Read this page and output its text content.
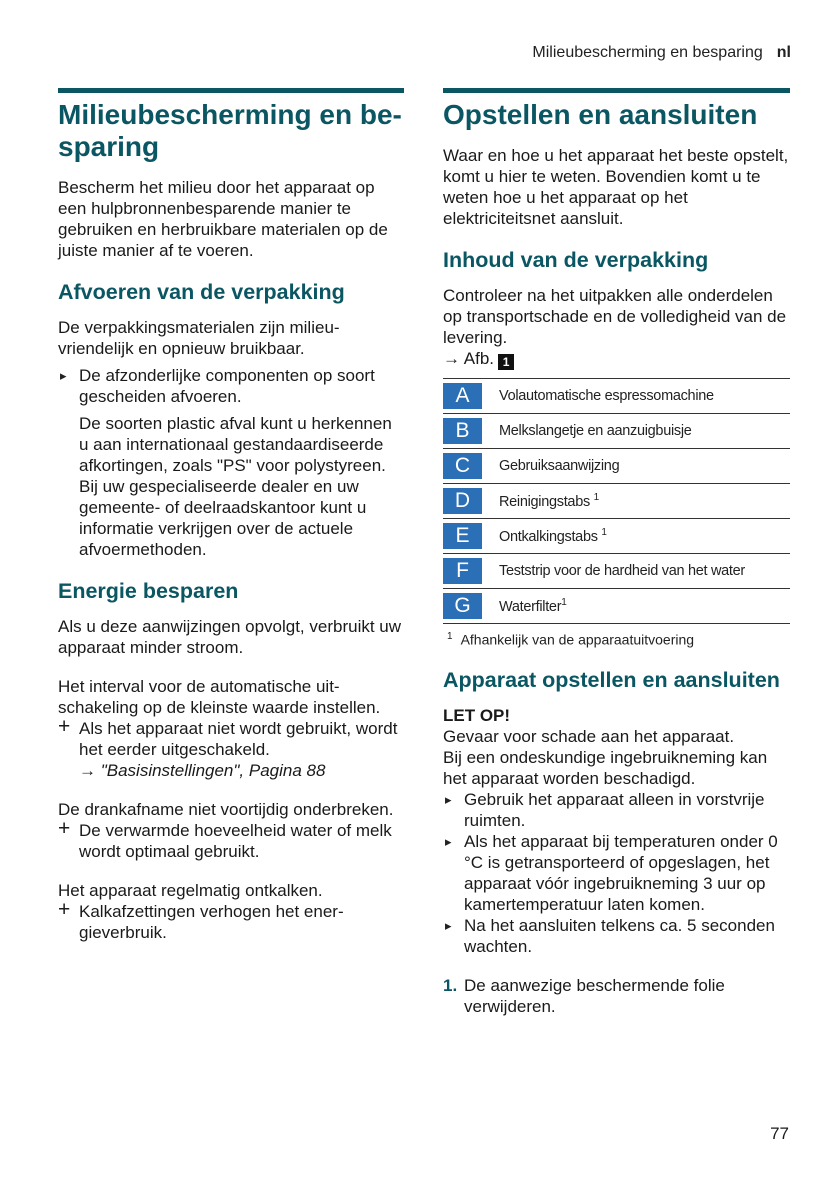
Milieubescherming en besparing nl
Milieubescherming en besparing

Bescherm het milieu door het apparaat op een hulpbronnenbesparende manier te gebruiken en herbruikbare materialen op de juiste manier af te voeren.

Afvoeren van de verpakking

De verpakkingsmaterialen zijn milieuvriendelijk en opnieuw bruikbaar.

▸ De afzonderlijke componenten op soort gescheiden afvoeren.
De soorten plastic afval kunt u herkennen u aan internationaal gestandaardiseerde afkortingen, zoals "PS" voor polystyreen.
Bij uw gespecialiseerde dealer en uw gemeente- of deelraadskantoor kunt u informatie verkrijgen over de actuele afvoermethoden.
Energie besparen

Als u deze aanwijzingen opvolgt, verbruikt uw apparaat minder stroom.

Het interval voor de automatische uitschakeling op de kleinste waarde instellen.

+ Als het apparaat niet wordt gebruikt, wordt het eerder uitgeschakeld.
→ "Basisinstellingen", Pagina 88

De drankafname niet voortijdig onderbreken.

+ De verwarmde hoeveelheid water of melk wordt optimaal gebruikt.

Het apparaat regelmatig ontkalken.

+ Kalkafzettingen verhogen het energieverbruik.
Opstellen en aansluiten

Waar en hoe u het apparaat het beste opstelt, komt u hier te weten. Bovendien komt u te weten hoe u het apparaat op het elektriciteitsnet aansluit.

Inhoud van de verpakking

Controleer na het uitpakken alle onderdelen op transportschade en de volledigheid van de levering.

→ Afb. 1

A	Volautomatische espressomachine
B	Melkslangetje en aanzuigbuisje
C	Gebruiksaanwijzing
D	Reinigingstabs $^1$
E	Ontkalkingstabs $^1$
F	Teststrip voor de hardheid van het water
G	Waterfilter$^1$
$^1$ Afhankelijk van de apparaatuitvoering
Apparaat opstellen en aansluiten
LET OP!

Gevaar voor schade aan het apparaat.

Bij een ondeskundige ingebruikneming kan het apparaat worden beschadigd.

▸ Gebruik het apparaat alleen in vorstvrije ruimten.
▸ Als het apparaat bij temperaturen onder 0 °C is getransporteerd of opgeslagen, het apparaat vóór ingebruikneming 3 uur op kamertemperatuur laten komen.
▸ Na het aansluiten telkens ca. 5 seconden wachten.
1. De aanwezige beschermende folie verwijderen.
77
